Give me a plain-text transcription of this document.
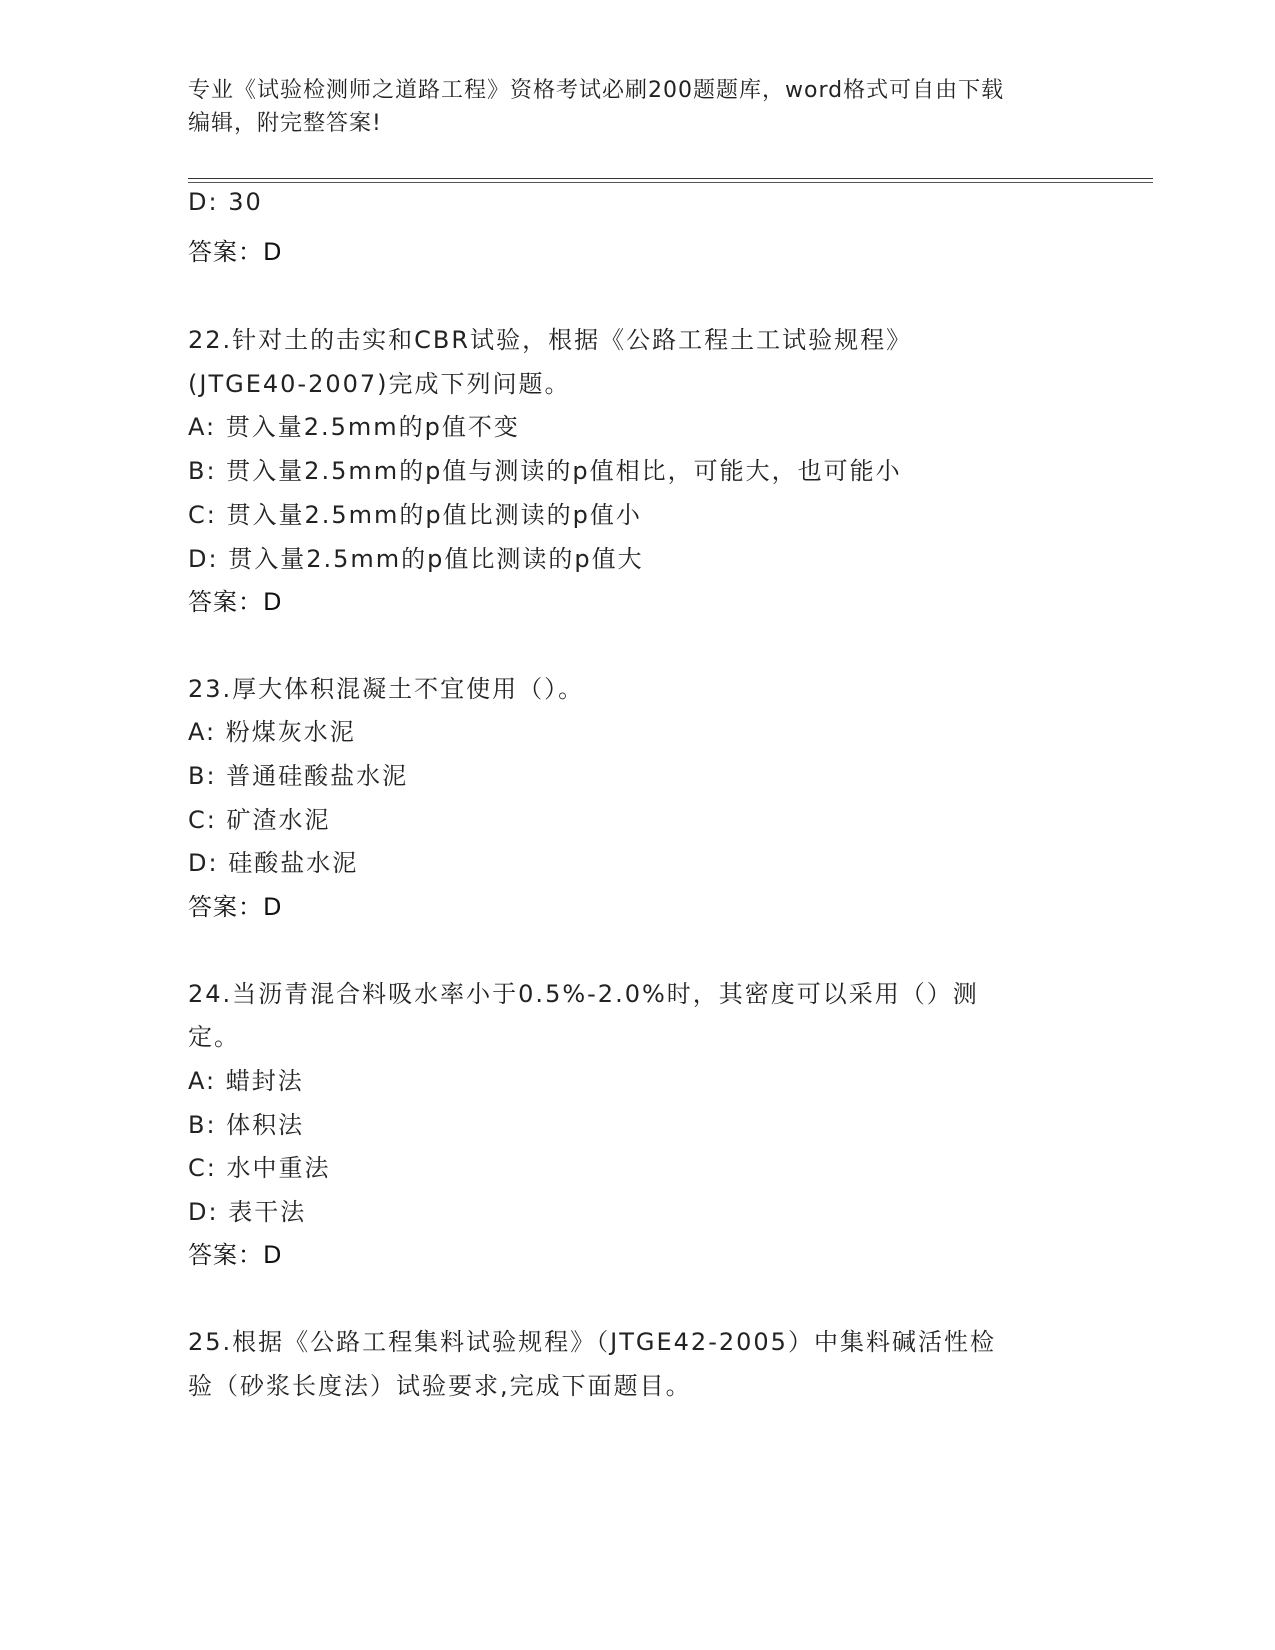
专业《试验检测师之道路工程》资格考试必刷200题题库，word格式可自由下载
编辑，附完整答案!
D: 30
答案：D
22.针对土的击实和CBR试验，根据《公路工程土工试验规程》
(JTGE40-2007)完成下列问题。
A: 贯入量2.5mm的p值不变
B: 贯入量2.5mm的p值与测读的p值相比，可能大，也可能小
C: 贯入量2.5mm的p值比测读的p值小
D: 贯入量2.5mm的p值比测读的p值大
答案：D
23.厚大体积混凝土不宜使用（）。
A: 粉煤灰水泥
B: 普通硅酸盐水泥
C: 矿渣水泥
D: 硅酸盐水泥
答案：D
24.当沥青混合料吸水率小于0.5%-2.0%时，其密度可以采用（）测
定。
A: 蜡封法
B: 体积法
C: 水中重法
D: 表干法
答案：D
25.根据《公路工程集料试验规程》（JTGE42-2005）中集料碱活性检
验（砂浆长度法）试验要求,完成下面题目。
